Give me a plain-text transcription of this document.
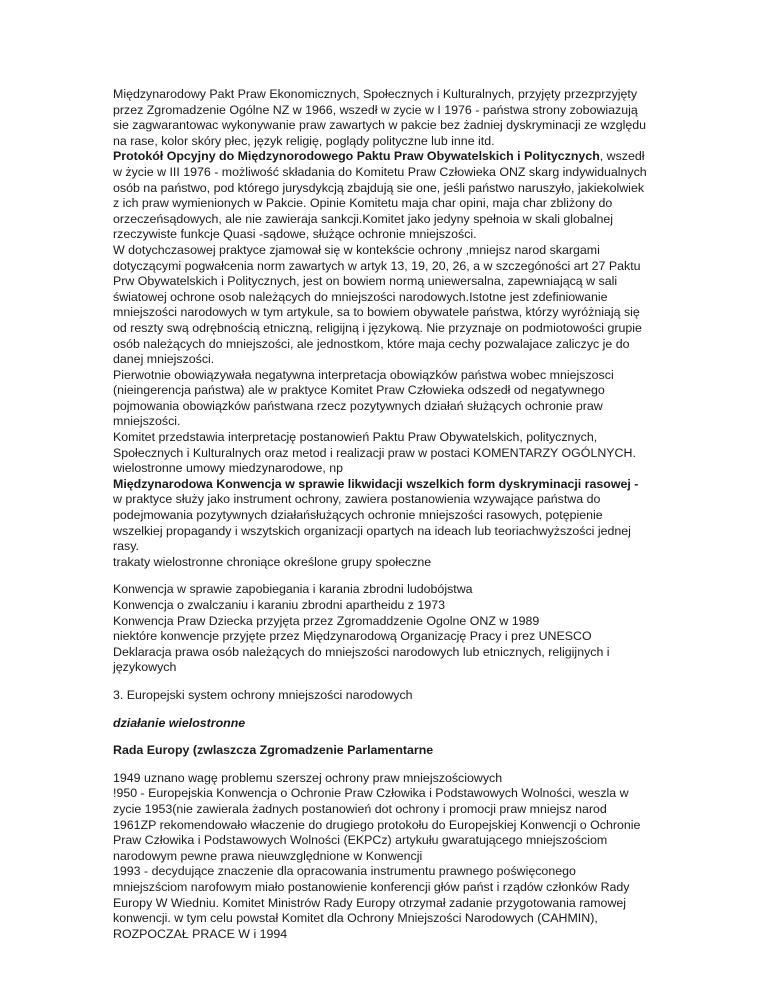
Międzynarodowy Pakt Praw Ekonomicznych, Społecznych i Kulturalnych, przyjęty przezprzyjęty
przez Zgromadzenie Ogólne NZ w 1966, wszedł w zycie w I 1976 - państwa strony zobowiazują
sie zagwarantowac wykonywanie praw zawartych w pakcie bez żadniej dyskryminacji ze względu
na rase, kolor skóry płec, język religię, poglądy polityczne lub inne itd.
Protokół Opcyjny do Międzynorodowego Paktu Praw Obywatelskich i Politycznych, wszedł
w życie w III 1976 - możliwość składania do Komitetu Praw Człowieka ONZ skarg indywidualnych
osób na państwo, pod którego jurysdykcją zbajdują sie one, jeśli państwo naruszyło, jakiekolwiek
z ich praw wymienionych w Pakcie. Opinie Komitetu maja char opini, maja char zbliżony do
orzeczeńsądowych, ale nie zawieraja sankcji.Komitet jako jedyny spełnoia w skali globalnej
rzeczywiste funkcje Quasi -sądowe, służące ochronie mniejszości.
W dotychczasowej praktyce zjamował się w kontekście ochrony ,mniejsz narod skargami
dotyczącymi pogwałcenia norm zawartych w artyk 13, 19, 20, 26, a w szczegóności art 27 Paktu
Prw Obywatelskich i Politycznych, jest on bowiem normą uniewersalna, zapewniającą w sali
światowej ochrone osob należących do mniejszości narodowych.Istotne jest zdefiniowanie
mniejszości narodowych w tym artykule, sa to bowiem obywatele państwa, którzy wyróżniają się
od reszty swą odrębnością etniczną, religijną i językową. Nie przyznaje on podmiotowości grupie
osób należących do mniejszości, ale jednostkom, które maja cechy pozwalajace zaliczyc je do
danej mniejszości.
Pierwotnie obowiązywała negatywna interpretacja obowiązków państwa wobec mniejszosci
(nieingerencja państwa) ale w praktyce Komitet Praw Człowieka odszedł od negatywnego
pojmowania obowiązków państwana rzecz pozytywnych działań służących ochronie praw
mniejszości.
Komitet przedstawia interpretację postanowień Paktu Praw Obywatelskich, politycznych,
Społecznych i Kulturalnych oraz metod i realizacji praw w postaci KOMENTARZY OGÓLNYCH.
wielostronne umowy miedzynarodowe, np
Międzynarodowa Konwencja w sprawie likwidacji wszelkich form dyskryminacji rasowej -
w praktyce służy jako instrument ochrony, zawiera postanowienia wzywające państwa do
podejmowania pozytywnych działańsłużących ochronie mniejszości rasowych, potępienie
wszelkiej propagandy i wszytskich organizacji opartych na ideach lub teoriachwyższości jednej
rasy.
trakaty wielostronne chroniące określone grupy społeczne
Konwencja w sprawie zapobiegania i karania zbrodni ludobójstwa
Konwencja o zwalczaniu i karaniu zbrodni apartheidu z 1973
Konwencja Praw Dziecka przyjęta przez Zgromaddzenie Ogolne ONZ w 1989
niektóre konwencje przyjęte przez Międzynarodową Organizację Pracy i prez UNESCO
Deklaracja prawa osób należących do mniejszości narodowych lub etnicznych, religijnych i
językowych
3. Europejski system ochrony mniejszości narodowych
działanie wielostronne
Rada Europy (zwlaszcza Zgromadzenie Parlamentarne
1949 uznano wagę problemu szerszej ochrony praw mniejszościowych
!950 - Europejskia Konwencja o Ochronie Praw Człowika i Podstawowych Wolności, weszla w
zycie 1953(nie zawierala żadnych postanowień dot ochrony i promocji praw mniejsz narod
1961ZP rekomendowało właczenie do drugiego protokołu do Europejskiej Konwencji o Ochronie
Praw Człowika i Podstawowych Wolności (EKPCz) artykułu gwaratującego mniejszościom
narodowym pewne prawa nieuwzględnione w Konwencji
1993 - decydujące znaczenie dla opracowania instrumentu prawnego poświęconego
mniejszściom narofowym miało postanowienie konferencji głów państ i rządów członków Rady
Europy W Wiedniu. Komitet Ministrów Rady Europy otrzymał zadanie przygotowania ramowej
konwencji. w tym celu powstał Komitet dla Ochrony Mniejszości Narodowych (CAHMIN),
ROZPOCZAŁ PRACE W i 1994
